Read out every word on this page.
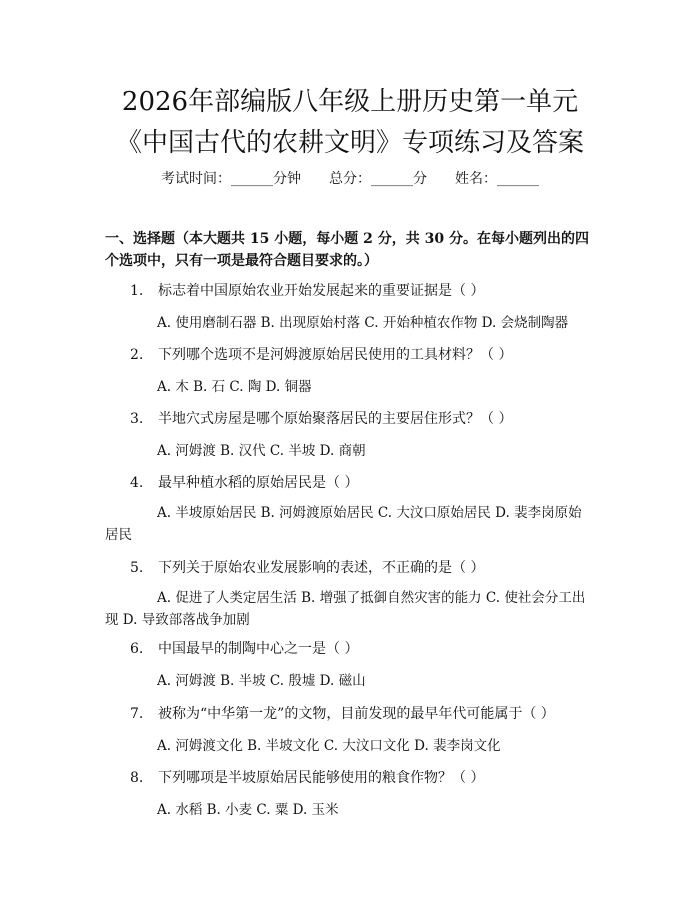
2026年部编版八年级上册历史第一单元《中国古代的农耕文明》专项练习及答案
考试时间：______分钟　　总分：______分　　姓名：______
一、选择题（本大题共 15 小题，每小题 2 分，共 30 分。在每小题列出的四个选项中，只有一项是最符合题目要求的。）
1. 标志着中国原始农业开始发展起来的重要证据是（ ）
A. 使用磨制石器 B. 出现原始村落 C. 开始种植农作物 D. 会烧制陶器
2. 下列哪个选项不是河姆渡原始居民使用的工具材料？（ ）
A. 木 B. 石 C. 陶 D. 铜器
3. 半地穴式房屋是哪个原始聚落居民的主要居住形式？（ ）
A. 河姆渡 B. 汉代 C. 半坡 D. 商朝
4. 最早种植水稻的原始居民是（ ）
A. 半坡原始居民 B. 河姆渡原始居民 C. 大汶口原始居民 D. 裴李岗原始居民
5. 下列关于原始农业发展影响的表述，不正确的是（ ）
A. 促进了人类定居生活 B. 增强了抵御自然灾害的能力 C. 使社会分工出现 D. 导致部落战争加剧
6. 中国最早的制陶中心之一是（ ）
A. 河姆渡 B. 半坡 C. 殷墟 D. 磁山
7. 被称为“中华第一龙”的文物，目前发现的最早年代可能属于（ ）
A. 河姆渡文化 B. 半坡文化 C. 大汶口文化 D. 裴李岗文化
8. 下列哪项是半坡原始居民能够使用的粮食作物？（ ）
A. 水稻 B. 小麦 C. 粟 D. 玉米
